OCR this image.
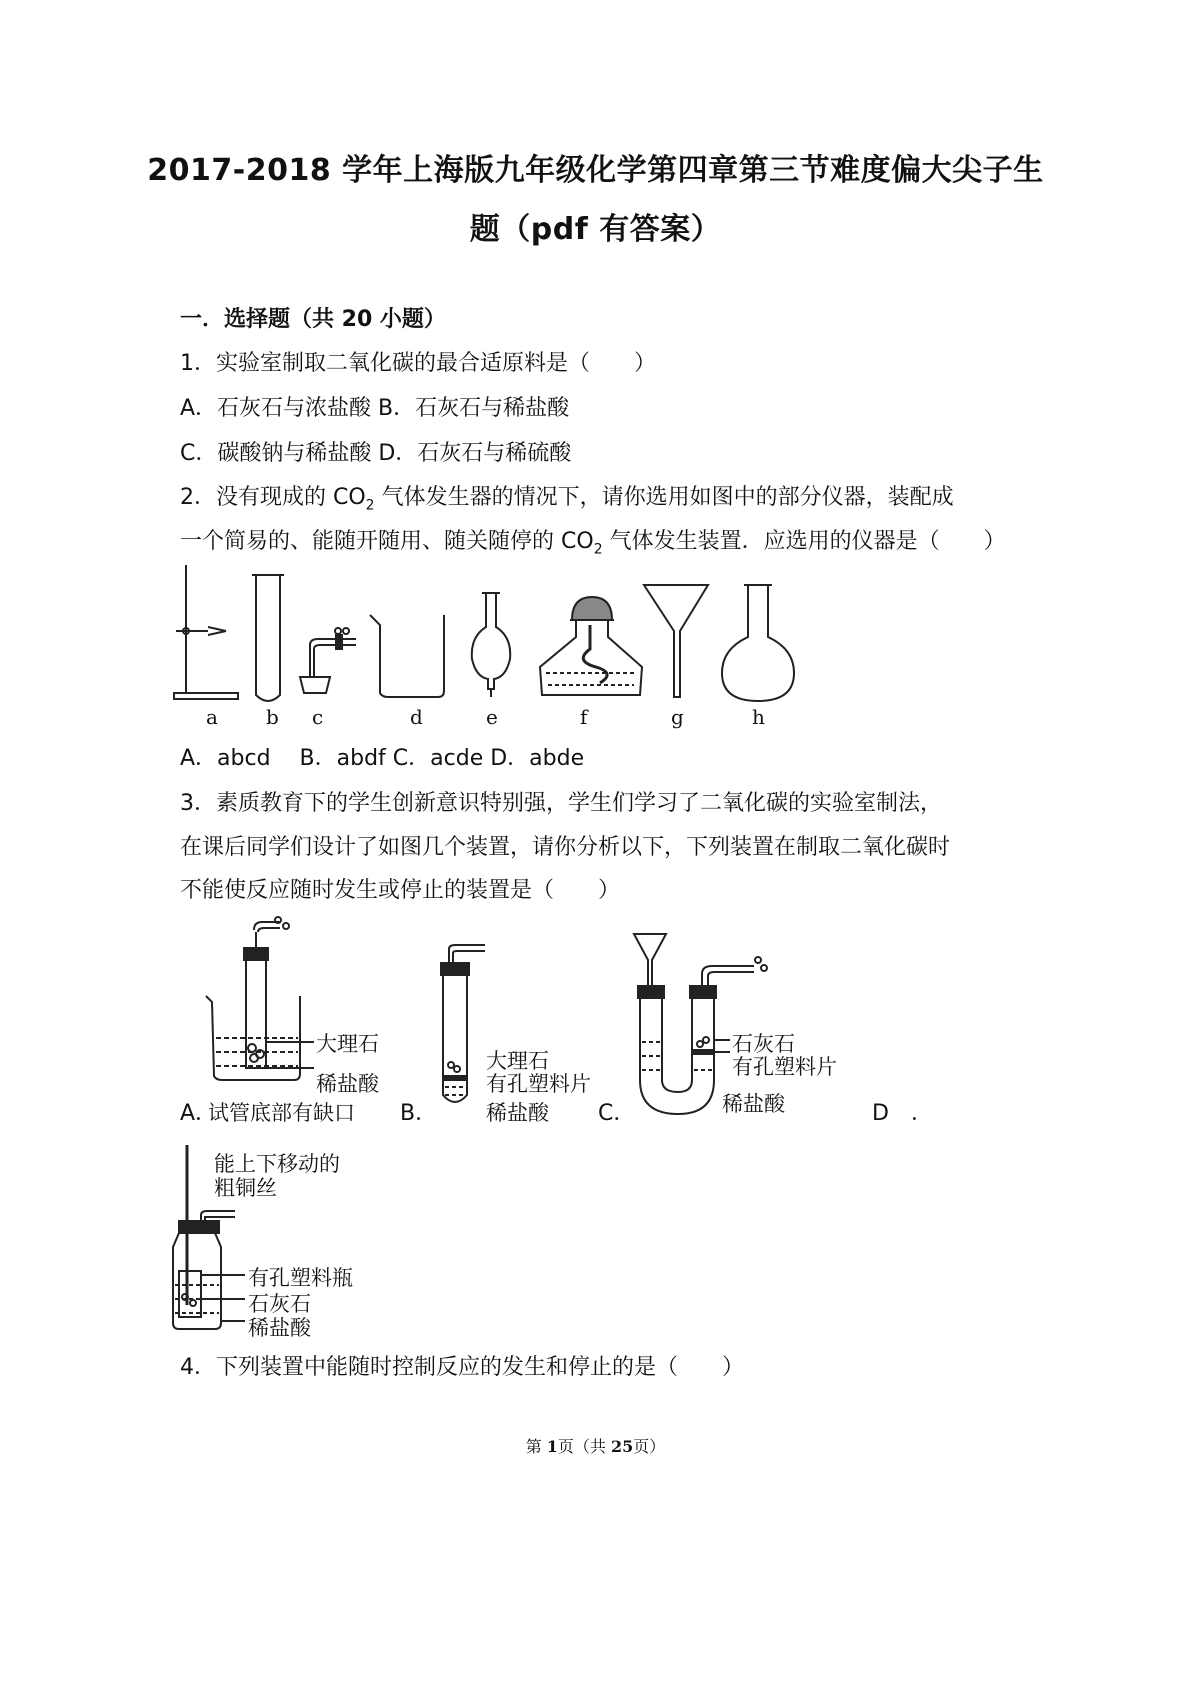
2017-2018 学年上海版九年级化学第四章第三节难度偏大尖子生
题（pdf 有答案）
一．选择题（共 20 小题）
1．实验室制取二氧化碳的最合适原料是（　　）
A．石灰石与浓盐酸 B．石灰石与稀盐酸
C．碳酸钠与稀盐酸 D．石灰石与稀硫酸
2．没有现成的 $CO_2$ 气体发生器的情况下，请你选用如图中的部分仪器，装配成
一个简易的、能随开随用、随关随停的 $CO_2$ 气体发生装置．应选用的仪器是（　　）
a b c	d	e	f	g	h
A．abcd　 B．abdf C．acde D．abde
3．素质教育下的学生创新意识特别强，学生们学习了二氧化碳的实验室制法，
在课后同学们设计了如图几个装置，请你分析以下，下列装置在制取二氧化碳时
不能使反应随时发生或停止的装置是（　　）
大理石
稀盐酸
A．
试管底部有缺口
大理石
有孔塑料片
B． 稀盐酸
石灰石
有孔塑料片
C．	稀盐酸	D　．
能上下移动的
粗铜丝
有孔塑料瓶
石灰石
稀盐酸
4．下列装置中能随时控制反应的发生和停止的是（　　）
第 1页（共 25页）
